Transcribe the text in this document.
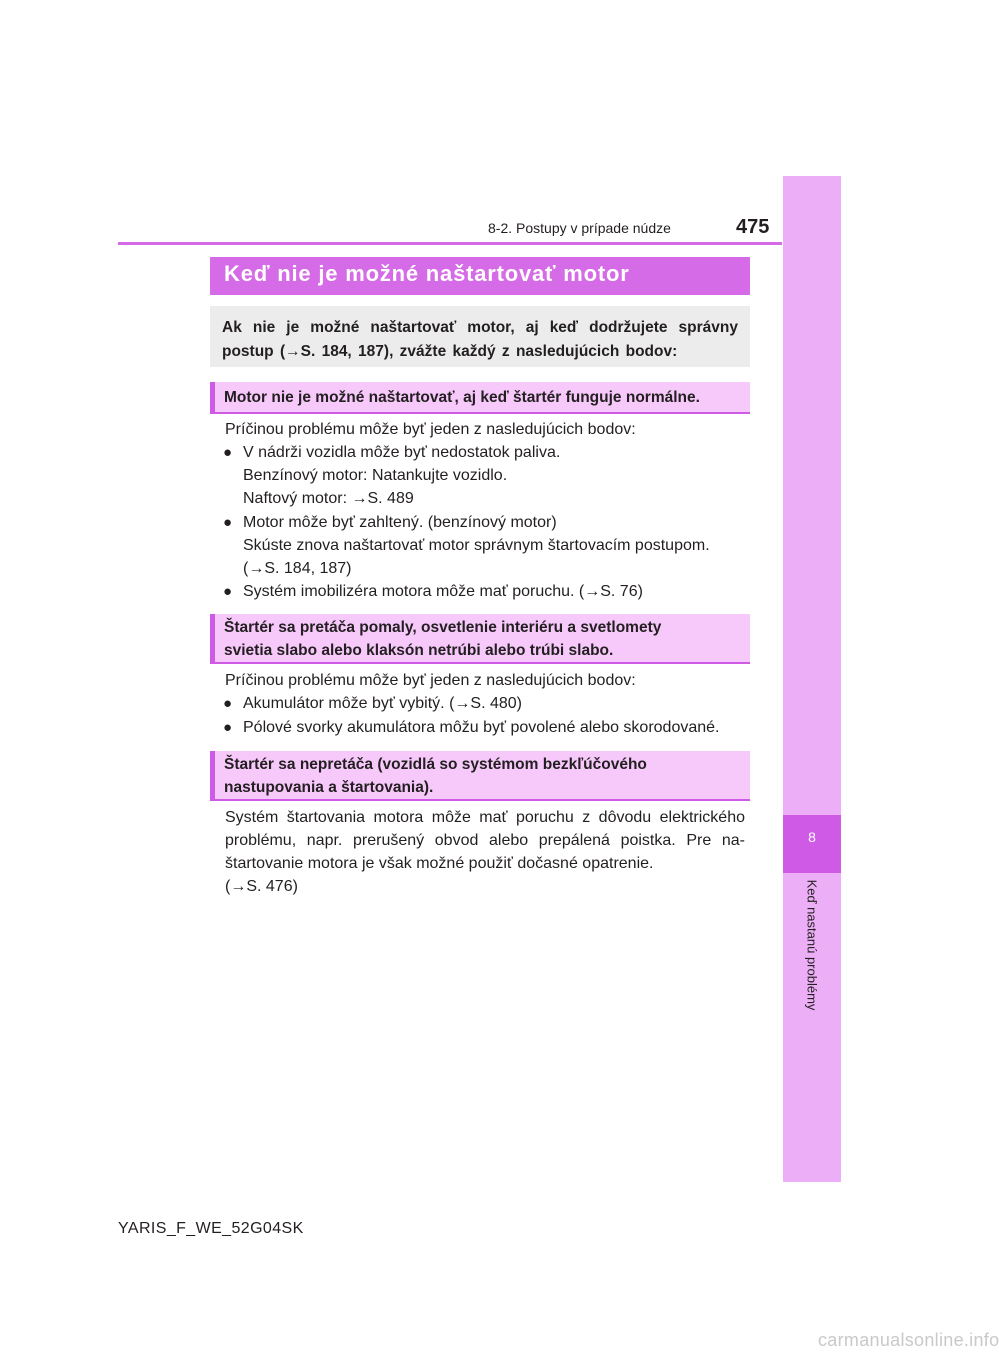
8-2. Postupy v prípade núdze	475
8
Keď nastanú problémy
Keď nie je možné naštartovať motor

Ak nie je možné naštartovať motor, aj keď dodržujete správny postup (→S. 184, 187), zvážte každý z nasledujúcich bodov:

Motor nie je možné naštartovať, aj keď štartér funguje normálne.
Príčinou problému môže byť jeden z nasledujúcich bodov:
● V nádrži vozidla môže byť nedostatok paliva.
Benzínový motor: Natankujte vozidlo.
Naftový motor: →S. 489
● Motor môže byť zahltený. (benzínový motor)
Skúste znova naštartovať motor správnym štartovacím postupom.
(→S. 184, 187)
● Systém imobilizéra motora môže mať poruchu. (→S. 76)
Štartér sa pretáča pomaly, osvetlenie interiéru a svetlomety
svietia slabo alebo klaksón netrúbi alebo trúbi slabo.
Príčinou problému môže byť jeden z nasledujúcich bodov:
● Akumulátor môže byť vybitý. (→S. 480)
● Pólové svorky akumulátora môžu byť povolené alebo skorodované.
Štartér sa nepretáča (vozidlá so systémom bezkľúčového
nastupovania a štartovania).
Systém štartovania motora môže mať poruchu z dôvodu elektrického problému, napr. prerušený obvod alebo prepálená poistka. Pre na-štartovanie motora je však možné použiť dočasné opatrenie.
(→S. 476)
YARIS_F_WE_52G04SK
carmanualsonline.info
